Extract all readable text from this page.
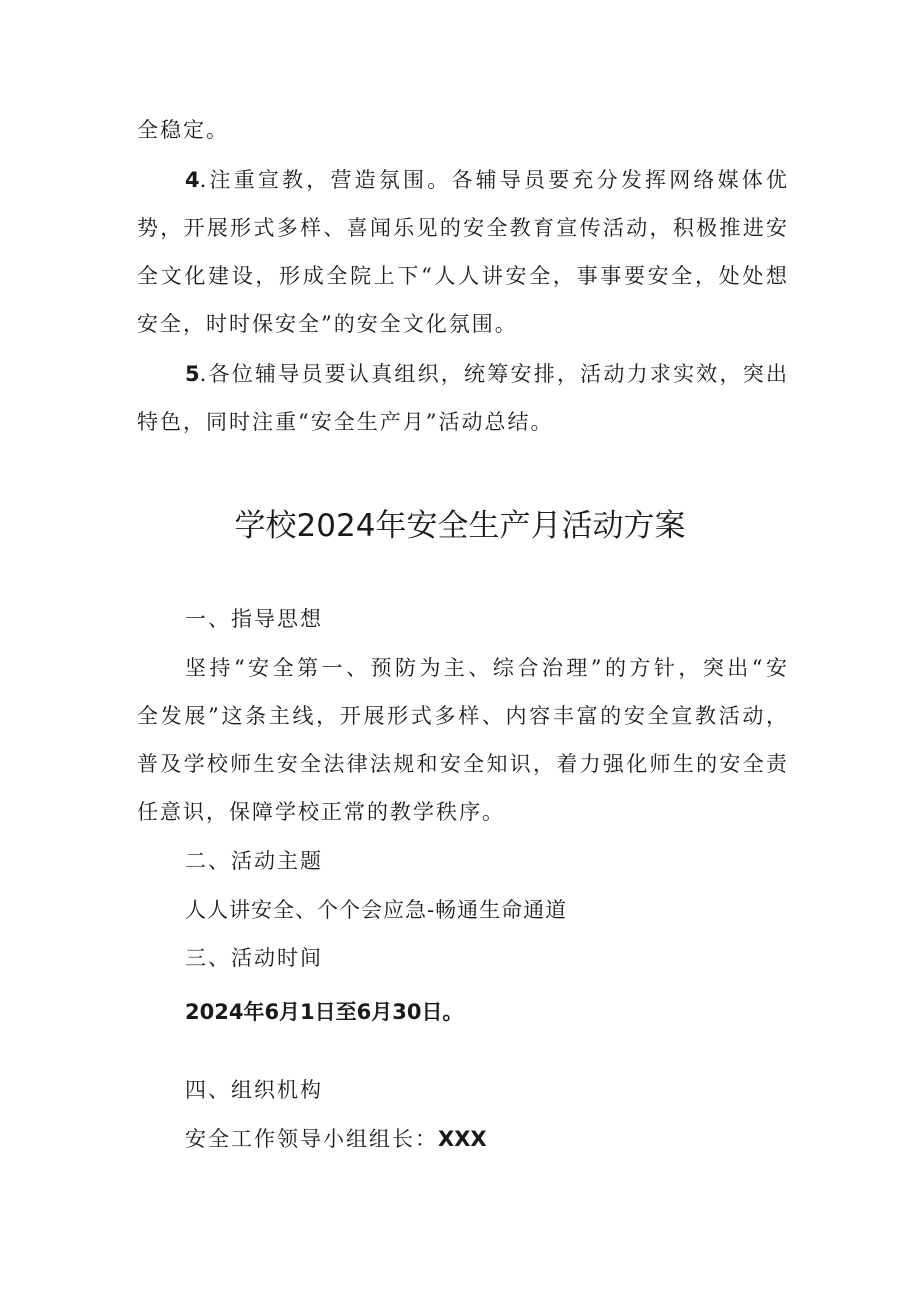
全稳定。
4.注重宣教，营造氛围。各辅导员要充分发挥网络媒体优
势，开展形式多样、喜闻乐见的安全教育宣传活动，积极推进安
全文化建设，形成全院上下“人人讲安全，事事要安全，处处想
安全，时时保安全”的安全文化氛围。
5.各位辅导员要认真组织，统筹安排，活动力求实效，突出
特色，同时注重“安全生产月”活动总结。
学校2024年安全生产月活动方案
一、指导思想
坚持“安全第一、预防为主、综合治理”的方针，突出“安
全发展”这条主线，开展形式多样、内容丰富的安全宣教活动，
普及学校师生安全法律法规和安全知识，着力强化师生的安全责
任意识，保障学校正常的教学秩序。
二、活动主题
人人讲安全、个个会应急-畅通生命通道
三、活动时间
2024年6月1日至6月30日。
四、组织机构
安全工作领导小组组长：XXX
